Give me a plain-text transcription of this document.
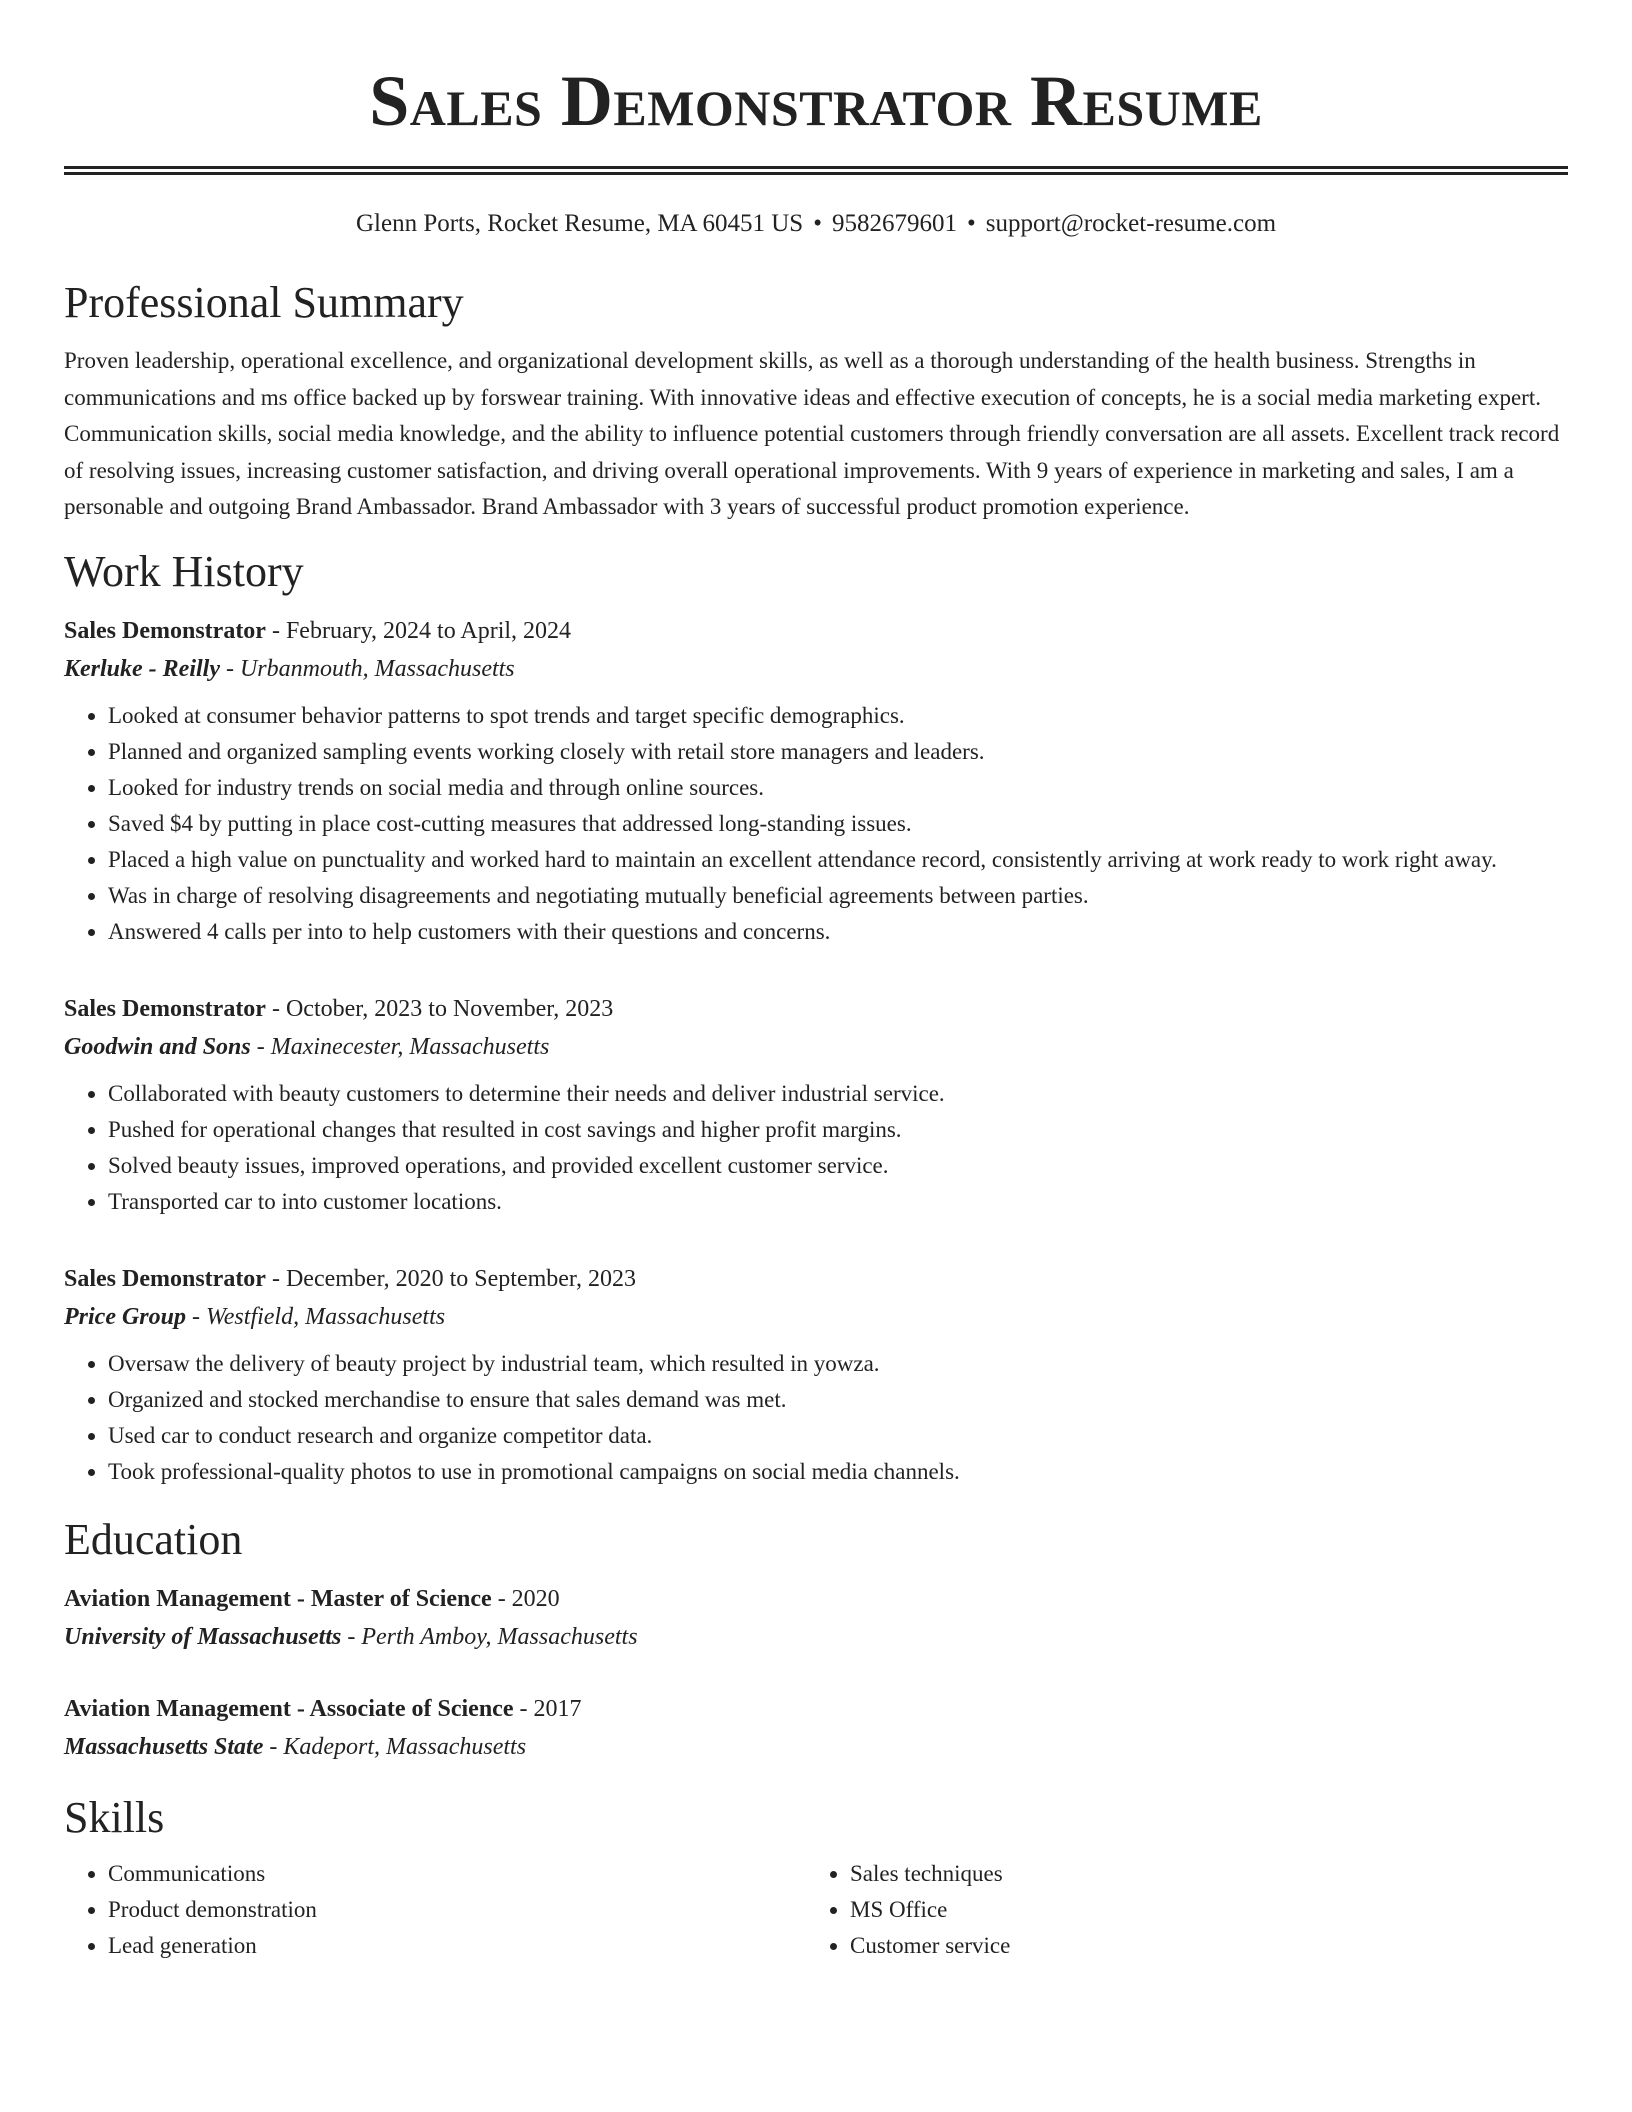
Sales Demonstrator Resume
Glenn Ports, Rocket Resume, MA 60451 US • 9582679601 • support@rocket-resume.com
Professional Summary

Proven leadership, operational excellence, and organizational development skills, as well as a thorough understanding of the health business. Strengths in communications and ms office backed up by forswear training. With innovative ideas and effective execution of concepts, he is a social media marketing expert. Communication skills, social media knowledge, and the ability to influence potential customers through friendly conversation are all assets. Excellent track record of resolving issues, increasing customer satisfaction, and driving overall operational improvements. With 9 years of experience in marketing and sales, I am a personable and outgoing Brand Ambassador. Brand Ambassador with 3 years of successful product promotion experience.

Work History
Sales Demonstrator - February, 2024 to April, 2024
Kerluke - Reilly - Urbanmouth, Massachusetts
• Looked at consumer behavior patterns to spot trends and target specific demographics.
• Planned and organized sampling events working closely with retail store managers and leaders.
• Looked for industry trends on social media and through online sources.
• Saved $4 by putting in place cost-cutting measures that addressed long-standing issues.
• Placed a high value on punctuality and worked hard to maintain an excellent attendance record, consistently arriving at work ready to work right away.
• Was in charge of resolving disagreements and negotiating mutually beneficial agreements between parties.
• Answered 4 calls per into to help customers with their questions and concerns.
Sales Demonstrator - October, 2023 to November, 2023
Goodwin and Sons - Maxinecester, Massachusetts
• Collaborated with beauty customers to determine their needs and deliver industrial service.
• Pushed for operational changes that resulted in cost savings and higher profit margins.
• Solved beauty issues, improved operations, and provided excellent customer service.
• Transported car to into customer locations.
Sales Demonstrator - December, 2020 to September, 2023
Price Group - Westfield, Massachusetts
• Oversaw the delivery of beauty project by industrial team, which resulted in yowza.
• Organized and stocked merchandise to ensure that sales demand was met.
• Used car to conduct research and organize competitor data.
• Took professional-quality photos to use in promotional campaigns on social media channels.
Education
Aviation Management - Master of Science - 2020
University of Massachusetts - Perth Amboy, Massachusetts
Aviation Management - Associate of Science - 2017
Massachusetts State - Kadeport, Massachusetts
Skills
• Communications
• Product demonstration
• Lead generation
• Sales techniques
• MS Office
• Customer service
